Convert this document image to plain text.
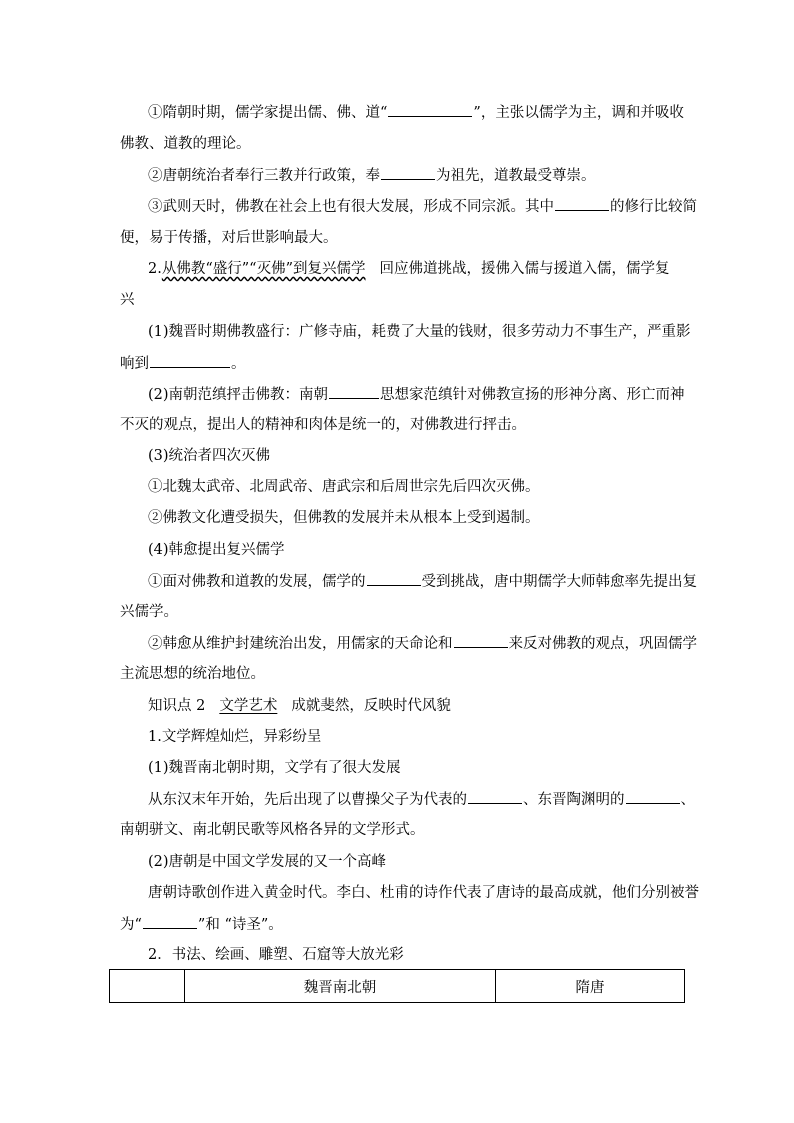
①隋朝时期，儒学家提出儒、佛、道“	”，主张以儒学为主，调和并吸收
佛教、道教的理论。
②唐朝统治者奉行三教并行政策，奉	为祖先，道教最受尊崇。
③武则天时，佛教在社会上也有很大发展，形成不同宗派。其中	的修行比较简
便，易于传播，对后世影响最大。
2.从佛教“盛行”“灭佛”到复兴儒学 回应佛道挑战，援佛入儒与援道入儒，儒学复
兴
(1)魏晋时期佛教盛行：广修寺庙，耗费了大量的钱财，很多劳动力不事生产，严重影
响到	。
(2)南朝范缜抨击佛教：南朝	思想家范缜针对佛教宣扬的形神分离、形亡而神
不灭的观点，提出人的精神和肉体是统一的，对佛教进行抨击。
(3)统治者四次灭佛
①北魏太武帝、北周武帝、唐武宗和后周世宗先后四次灭佛。
②佛教文化遭受损失，但佛教的发展并未从根本上受到遏制。
(4)韩愈提出复兴儒学
①面对佛教和道教的发展，儒学的	受到挑战，唐中期儒学大师韩愈率先提出复
兴儒学。
②韩愈从维护封建统治出发，用儒家的天命论和	来反对佛教的观点，巩固儒学
主流思想的统治地位。
知识点 2 文学艺术 成就斐然，反映时代风貌
1.文学辉煌灿烂，异彩纷呈
(1)魏晋南北朝时期，文学有了很大发展
从东汉末年开始，先后出现了以曹操父子为代表的	、东晋陶渊明的	、
南朝骈文、南北朝民歌等风格各异的文学形式。
(2)唐朝是中国文学发展的又一个高峰
唐朝诗歌创作进入黄金时代。李白、杜甫的诗作代表了唐诗的最高成就，他们分别被誉
为“	”和 “诗圣”。
2．书法、绘画、雕塑、石窟等大放光彩
	魏晋南北朝	隋唐
